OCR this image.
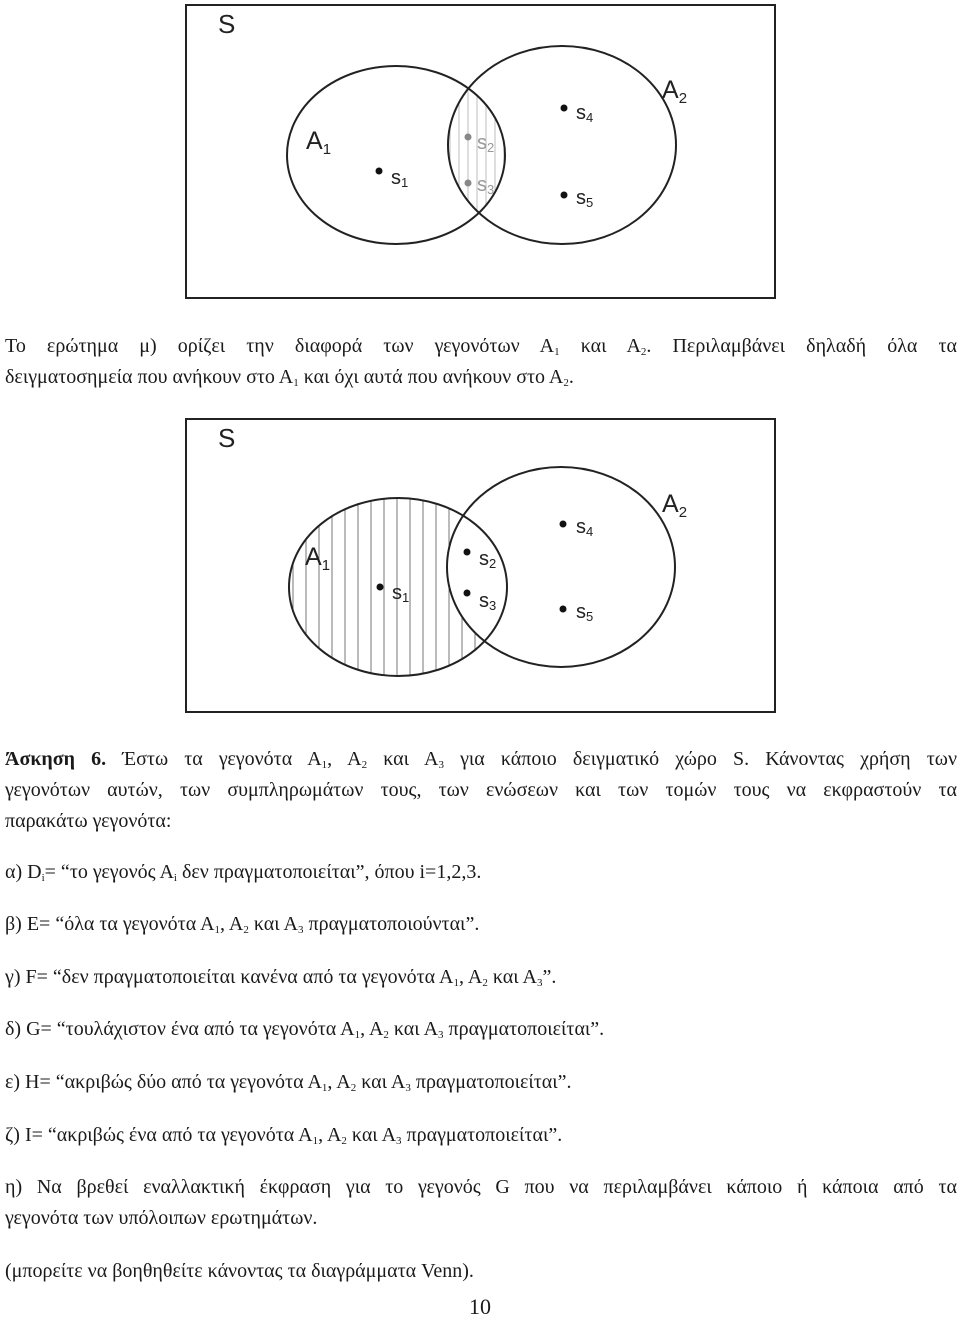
S
$A_1$
$A_2$
s1
s2
s3
s4
s5
Το ερώτημα μ) ορίζει την διαφορά των γεγονότων $A_1$ και $A_2$. Περιλαμβάνει δηλαδή όλα τα
δειγματοσημεία που ανήκουν στο $A_1$ και όχι αυτά που ανήκουν στο $A_2$.
S
$A_1$
$A_2$
s1
s2
s3
s4
s5
Άσκηση 6. Έστω τα γεγονότα $A_1$, $A_2$ και $A_3$ για κάποιο δειγματικό χώρο S. Κάνοντας χρήση των
γεγονότων αυτών, των συμπληρωμάτων τους, των ενώσεων και των τομών τους να εκφραστούν τα
παρακάτω γεγονότα:
α) $D_i=$ “το γεγονός $A_i$ δεν πραγματοποιείται”, όπου i=1,2,3.
β) Ε= “όλα τα γεγονότα $A_1$, $A_2$ και $A_3$ πραγματοποιούνται”.
γ) F= “δεν πραγματοποιείται κανένα από τα γεγονότα $A_1$, $A_2$ και $A_3$”.
δ) G= “τουλάχιστον ένα από τα γεγονότα $A_1$, $A_2$ και $A_3$ πραγματοποιείται”.
ε) Η= “ακριβώς δύο από τα γεγονότα $A_1$, $A_2$ και $A_3$ πραγματοποιείται”.
ζ) Ι= “ακριβώς ένα από τα γεγονότα $A_1$, $A_2$ και $A_3$ πραγματοποιείται”.
η) Να βρεθεί εναλλακτική έκφραση για το γεγονός G που να περιλαμβάνει κάποιο ή κάποια από τα
γεγονότα των υπόλοιπων ερωτημάτων.
(μπορείτε να βοηθηθείτε κάνοντας τα διαγράμματα Venn).
10
